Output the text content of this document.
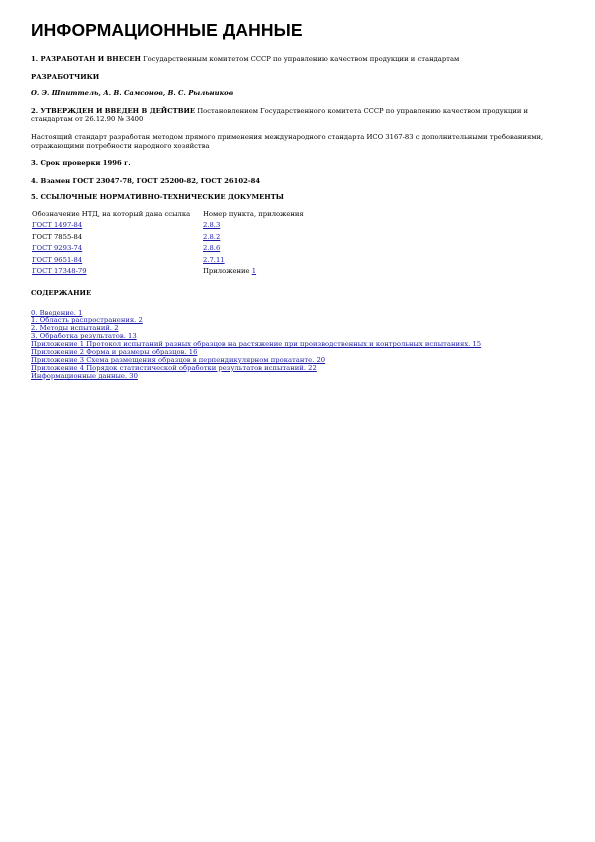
ИНФОРМАЦИОННЫЕ ДАННЫЕ

1. РАЗРАБОТАН И ВНЕСЕН Государственным комитетом СССР по управлению качеством продукции и стандартам

РАЗРАБОТЧИКИ

О. Э. Шпиттель, А. В. Самсонов, В. С. Рыльников

2. УТВЕРЖДЕН И ВВЕДЕН В ДЕЙСТВИЕ Постановлением Государственного комитета СССР по управлению качеством продукции и стандартам от 26.12.90 № 3400

Настоящий стандарт разработан методом прямого применения международного стандарта ИСО 3167-83 с дополнительными требованиями, отражающими потребности народного хозяйства

3. Срок проверки 1996 г.

4. Взамен ГОСТ 23047-78, ГОСТ 25200-82, ГОСТ 26102-84

5. ССЫЛОЧНЫЕ НОРМАТИВНО-ТЕХНИЧЕСКИЕ ДОКУМЕНТЫ

Обозначение НТД, на который дана ссылка	Номер пункта, приложения
ГОСТ 1497-84	2.8.3
ГОСТ 7855-84	2.8.2
ГОСТ 9293-74	2.8.6
ГОСТ 9651-84	2.7.11
ГОСТ 17348-79	Приложение 1

СОДЕРЖАНИЕ

0. Введение. 1
1. Область распространения. 2
2. Методы испытаний. 2
3. Обработка результатов. 13
Приложение 1 Протокол испытаний разных образцов на растяжение при производственных и контрольных испытаниях. 15
Приложение 2 Форма и размеры образцов. 16
Приложение 3 Схема размещения образцов в перпендикулярном прокатанте. 20
Приложение 4 Порядок статистической обработки результатов испытаний. 22
Информационные данные. 30
